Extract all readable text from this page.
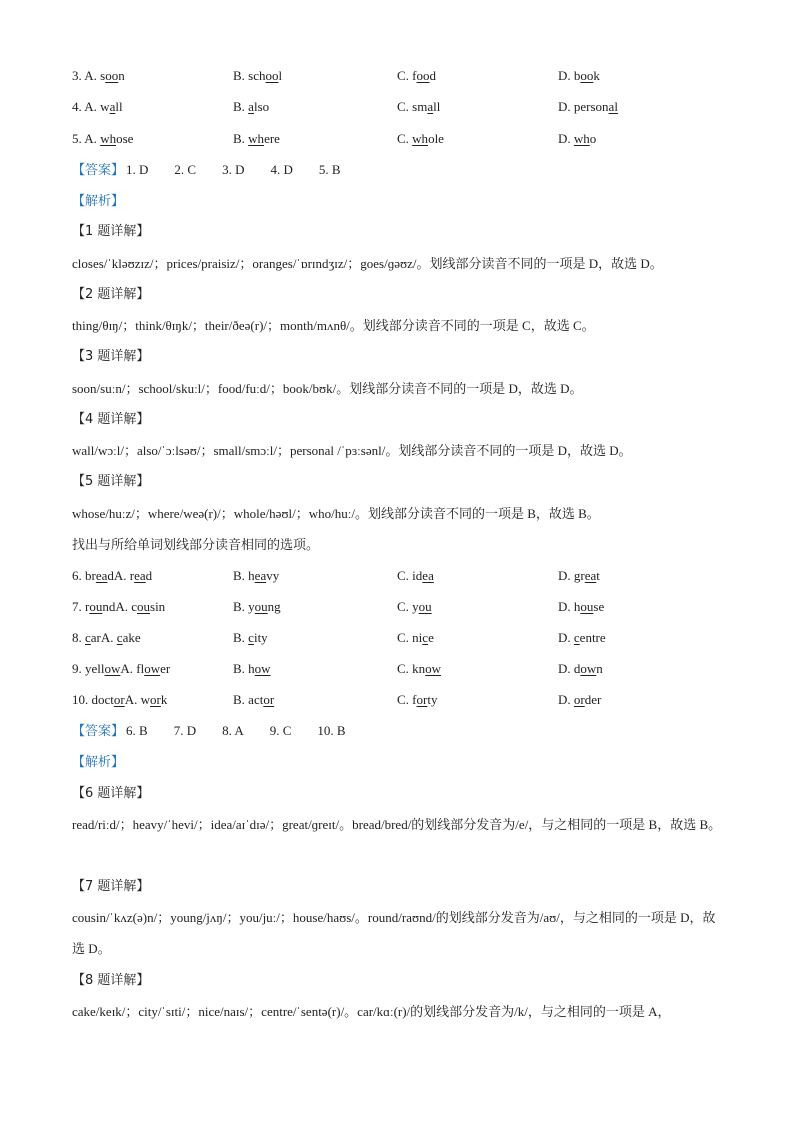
3. A. soon	B. school	C. food	D. book
4. A. wall	B. also	C. small	D. personal
5. A. whose	B. where	C. whole	D. who
【答案】 1. D 2. C 3. D 4. D 5. B
【解析】
【1 题详解】
closes/ˈkləʊzɪz/；prices/praisiz/；oranges/ˈɒrɪndʒɪz/；goes/ɡəʊz/。划线部分读音不同的一项是 D，故选 D。
【2 题详解】
thing/θɪŋ/；think/θɪŋk/；their/ðeə(r)/；month/mʌnθ/。划线部分读音不同的一项是 C，故选 C。
【3 题详解】
soon/suːn/；school/skuːl/；food/fuːd/；book/bʊk/。划线部分读音不同的一项是 D，故选 D。
【4 题详解】
wall/wɔːl/；also/ˈɔːlsəʊ/；small/smɔːl/；personal /ˈpɜːsənl/。划线部分读音不同的一项是 D，故选 D。
【5 题详解】
whose/huːz/；where/weə(r)/；whole/həʊl/；who/huː/。划线部分读音不同的一项是 B，故选 B。
找出与所给单词划线部分读音相同的选项。
6. breadA. read	B. heavy	C. idea	D. great
7. roundA. cousin	B. young	C. you	D. house
8. carA. cake	B. city	C. nice	D. centre
9. yellowA. flower	B. how	C. know	D. down
10. doctorA. work	B. actor	C. forty	D. order
【答案】 6. B 7. D 8. A 9. C 10. B
【解析】
【6 题详解】
read/riːd/；heavy/ˈhevi/；idea/aɪˈdɪə/；great/ɡreɪt/。bread/bred/的划线部分发音为/e/，与之相同的一项是 B，故选 B。
【7 题详解】
cousin/ˈkʌz(ə)n/；young/jʌŋ/；you/juː/；house/haʊs/。round/raʊnd/的划线部分发音为/aʊ/，与之相同的一项是 D，故选 D。
【8 题详解】
cake/keɪk/；city/ˈsɪti/；nice/naɪs/；centre/ˈsentə(r)/。car/kɑː(r)/的划线部分发音为/k/，与之相同的一项是 A，
